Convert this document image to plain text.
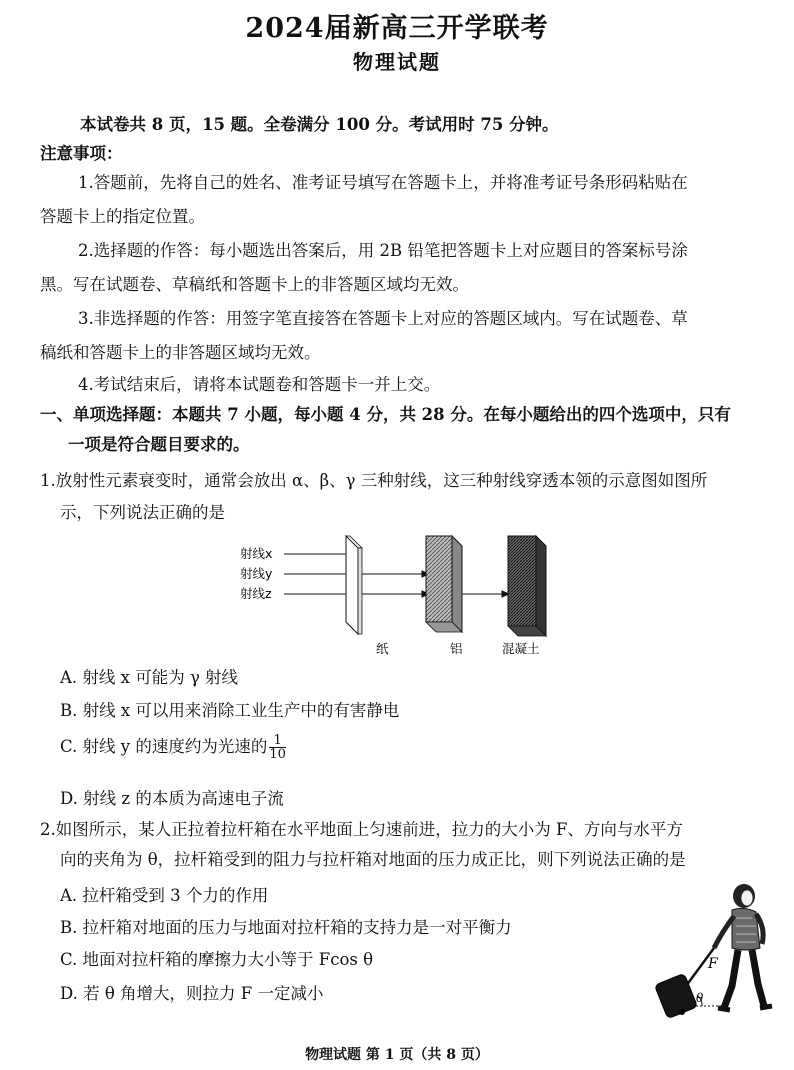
2024届新高三开学联考
物理试题
本试卷共 8 页，15 题。全卷满分 100 分。考试用时 75 分钟。
注意事项：
1.答题前，先将自己的姓名、准考证号填写在答题卡上，并将准考证号条形码粘贴在
答题卡上的指定位置。
2.选择题的作答：每小题选出答案后，用 2B 铅笔把答题卡上对应题目的答案标号涂
黑。写在试题卷、草稿纸和答题卡上的非答题区域均无效。
3.非选择题的作答：用签字笔直接答在答题卡上对应的答题区域内。写在试题卷、草
稿纸和答题卡上的非答题区域均无效。
4.考试结束后，请将本试题卷和答题卡一并上交。
一、单项选择题：本题共 7 小题，每小题 4 分，共 28 分。在每小题给出的四个选项中，只有
一项是符合题目要求的。
1.放射性元素衰变时，通常会放出 α、β、γ 三种射线，这三种射线穿透本领的示意图如图所
示，下列说法正确的是
射线x
射线y
射线z
纸	铝	混凝土
A. 射线 x 可能为 γ 射线
B. 射线 x 可以用来消除工业生产中的有害静电
C. 射线 y 的速度约为光速的 $\frac{1}{10}$
D. 射线 z 的本质为高速电子流
2.如图所示，某人正拉着拉杆箱在水平地面上匀速前进，拉力的大小为 F、方向与水平方
向的夹角为 θ，拉杆箱受到的阻力与拉杆箱对地面的压力成正比，则下列说法正确的是
A. 拉杆箱受到 3 个力的作用
B. 拉杆箱对地面的压力与地面对拉杆箱的支持力是一对平衡力
C. 地面对拉杆箱的摩擦力大小等于 Fcos θ
D. 若 θ 角增大，则拉力 F 一定减小
F
θ
物理试题 第 1 页（共 8 页）
